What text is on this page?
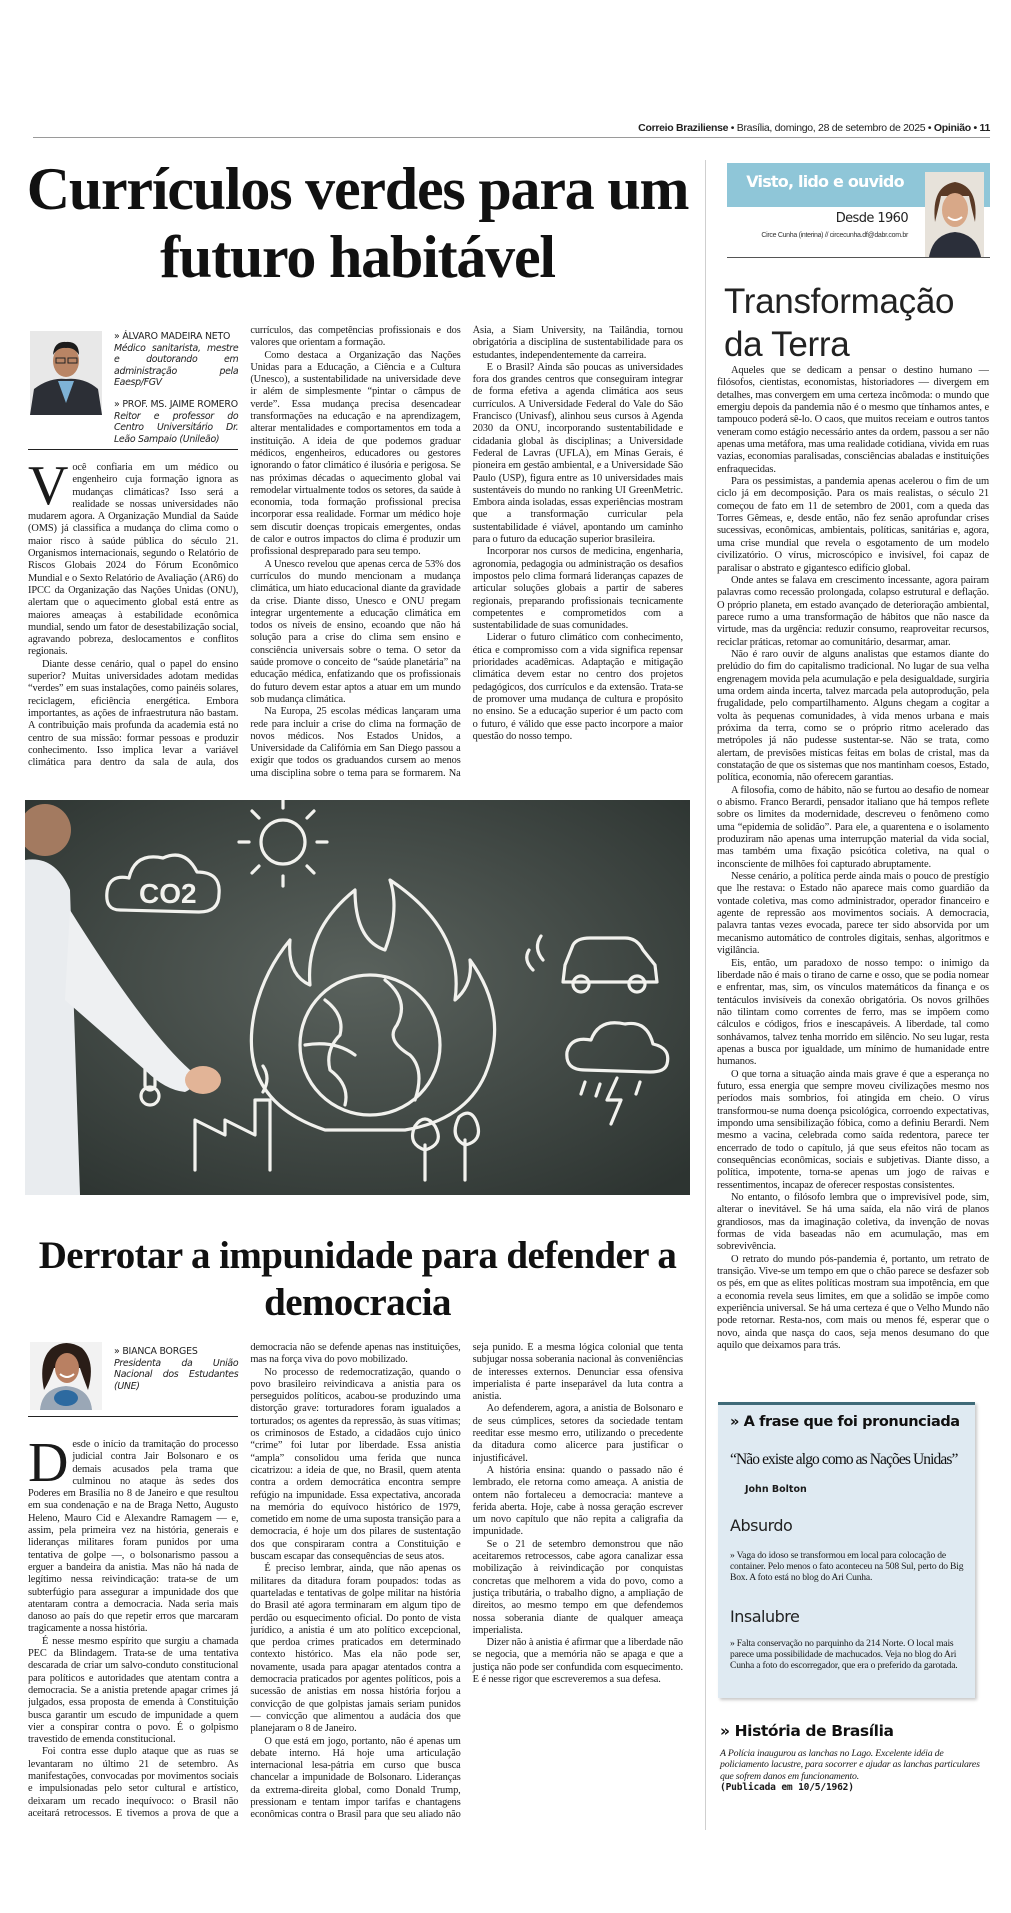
Correio Braziliense • Brasília, domingo, 28 de setembro de 2025 • Opinião • 11
Currículos verdes para um futuro habitável
» ÁLVARO MADEIRA NETO
Médico sanitarista, mestre e doutorando em administração pela Eaesp/FGV
» PROF. MS. JAIME ROMERO
Reitor e professor do Centro Universitário Dr. Leão Sampaio (Unileão)

Você confiaria em um médico ou engenheiro cuja formação ignora as mudanças climáticas? Isso será a realidade se nossas universidades não mudarem agora. A Organização Mundial da Saúde (OMS) já classifica a mudança do clima como o maior risco à saúde pública do século 21. Organismos internacionais, segundo o Relatório de Riscos Globais 2024 do Fórum Econômico Mundial e o Sexto Relatório de Avaliação (AR6) do IPCC da Organização das Nações Unidas (ONU), alertam que o aquecimento global está entre as maiores ameaças à estabilidade econômica mundial, sendo um fator de desestabilização social, agravando pobreza, deslocamentos e conflitos regionais.

Diante desse cenário, qual o papel do ensino superior? Muitas universidades adotam medidas “verdes” em suas instalações, como painéis solares, reciclagem, eficiência energética. Embora importantes, as ações de infraestrutura não bastam. A contribuição mais profunda da academia está no centro de sua missão: formar pessoas e produzir conhecimento. Isso implica levar a variável climática para dentro da sala de aula, dos currículos, das competências profissionais e dos valores que orientam a formação.

Como destaca a Organização das Nações Unidas para a Educação, a Ciência e a Cultura (Unesco), a sustentabilidade na universidade deve ir além de simplesmente “pintar o câmpus de verde”. Essa mudança precisa desencadear transformações na educação e na aprendizagem, alterar mentalidades e comportamentos em toda a instituição. A ideia de que podemos graduar médicos, engenheiros, educadores ou gestores ignorando o fator climático é ilusória e perigosa. Se nas próximas décadas o aquecimento global vai remodelar virtualmente todos os setores, da saúde à economia, toda formação profissional precisa incorporar essa realidade. Formar um médico hoje sem discutir doenças tropicais emergentes, ondas de calor e outros impactos do clima é produzir um profissional despreparado para seu tempo.

A Unesco revelou que apenas cerca de 53% dos currículos do mundo mencionam a mudança climática, um hiato educacional diante da gravidade da crise. Diante disso, Unesco e ONU pregam integrar urgentemente a educação climática em todos os níveis de ensino, ecoando que não há solução para a crise do clima sem ensino e consciência universais sobre o tema. O setor da saúde promove o conceito de “saúde planetária” na educação médica, enfatizando que os profissionais do futuro devem estar aptos a atuar em um mundo sob mudança climática.

Na Europa, 25 escolas médicas lançaram uma rede para incluir a crise do clima na formação de novos médicos. Nos Estados Unidos, a Universidade da Califórnia em San Diego passou a exigir que todos os graduandos cursem ao menos uma disciplina sobre o tema para se formarem. Na Ásia, a Siam University, na Tailândia, tornou obrigatória a disciplina de sustentabilidade para os estudantes, independentemente da carreira.

E o Brasil? Ainda são poucas as universidades fora dos grandes centros que conseguiram integrar de forma efetiva a agenda climática aos seus currículos. A Universidade Federal do Vale do São Francisco (Univasf), alinhou seus cursos à Agenda 2030 da ONU, incorporando sustentabilidade e cidadania global às disciplinas; a Universidade Federal de Lavras (UFLA), em Minas Gerais, é pioneira em gestão ambiental, e a Universidade São Paulo (USP), figura entre as 10 universidades mais sustentáveis do mundo no ranking UI GreenMetric. Embora ainda isoladas, essas experiências mostram que a transformação curricular pela sustentabilidade é viável, apontando um caminho para o futuro da educação superior brasileira.

Incorporar nos cursos de medicina, engenharia, agronomia, pedagogia ou administração os desafios impostos pelo clima formará lideranças capazes de articular soluções globais a partir de saberes regionais, preparando profissionais tecnicamente competentes e comprometidos com a sustentabilidade de suas comunidades.

Liderar o futuro climático com conhecimento, ética e compromisso com a vida significa repensar prioridades acadêmicas. Adaptação e mitigação climática devem estar no centro dos projetos pedagógicos, dos currículos e da extensão. Trata-se de promover uma mudança de cultura e propósito no ensino. Se a educação superior é um pacto com o futuro, é válido que esse pacto incorpore a maior questão do nosso tempo.

CO2
Derrotar a impunidade para defender a democracia
» BIANCA BORGES
Presidenta da União Nacional dos Estudantes (UNE)

Desde o início da tramitação do processo judicial contra Jair Bolsonaro e os demais acusados pela trama que culminou no ataque às sedes dos Poderes em Brasília no 8 de Janeiro e que resultou em sua condenação e na de Braga Netto, Augusto Heleno, Mauro Cid e Alexandre Ramagem — e, assim, pela primeira vez na história, generais e lideranças militares foram punidos por uma tentativa de golpe —, o bolsonarismo passou a erguer a bandeira da anistia. Mas não há nada de legítimo nessa reivindicação: trata-se de um subterfúgio para assegurar a impunidade dos que atentaram contra a democracia. Nada seria mais danoso ao país do que repetir erros que marcaram tragicamente a nossa história.

É nesse mesmo espírito que surgiu a chamada PEC da Blindagem. Trata-se de uma tentativa descarada de criar um salvo-conduto constitucional para políticos e autoridades que atentam contra a democracia. Se a anistia pretende apagar crimes já julgados, essa proposta de emenda à Constituição busca garantir um escudo de impunidade a quem vier a conspirar contra o povo. É o golpismo travestido de emenda constitucional.

Foi contra esse duplo ataque que as ruas se levantaram no último 21 de setembro. As manifestações, convocadas por movimentos sociais e impulsionadas pelo setor cultural e artístico, deixaram um recado inequívoco: o Brasil não aceitará retrocessos. E tivemos a prova de que a democracia não se defende apenas nas instituições, mas na força viva do povo mobilizado.

No processo de redemocratização, quando o povo brasileiro reivindicava a anistia para os perseguidos políticos, acabou-se produzindo uma distorção grave: torturadores foram igualados a torturados; os agentes da repressão, às suas vítimas; os criminosos de Estado, a cidadãos cujo único “crime” foi lutar por liberdade. Essa anistia “ampla” consolidou uma ferida que nunca cicatrizou: a ideia de que, no Brasil, quem atenta contra a ordem democrática encontra sempre refúgio na impunidade. Essa expectativa, ancorada na memória do equívoco histórico de 1979, cometido em nome de uma suposta transição para a democracia, é hoje um dos pilares de sustentação dos que conspiraram contra a Constituição e buscam escapar das consequências de seus atos.

É preciso lembrar, ainda, que não apenas os militares da ditadura foram poupados: todas as quarteladas e tentativas de golpe militar na história do Brasil até agora terminaram em algum tipo de perdão ou esquecimento oficial. Do ponto de vista jurídico, a anistia é um ato político excepcional, que perdoa crimes praticados em determinado contexto histórico. Mas ela não pode ser, novamente, usada para apagar atentados contra a democracia praticados por agentes políticos, pois a sucessão de anistias em nossa história forjou a convicção de que golpistas jamais seriam punidos — convicção que alimentou a audácia dos que planejaram o 8 de Janeiro.

O que está em jogo, portanto, não é apenas um debate interno. Há hoje uma articulação internacional lesa-pátria em curso que busca chancelar a impunidade de Bolsonaro. Lideranças da extrema-direita global, como Donald Trump, pressionam e tentam impor tarifas e chantagens econômicas contra o Brasil para que seu aliado não seja punido. É a mesma lógica colonial que tenta subjugar nossa soberania nacional às conveniências de interesses externos. Denunciar essa ofensiva imperialista é parte inseparável da luta contra a anistia.

Ao defenderem, agora, a anistia de Bolsonaro e de seus cúmplices, setores da sociedade tentam reeditar esse mesmo erro, utilizando o precedente da ditadura como alicerce para justificar o injustificável.

A história ensina: quando o passado não é lembrado, ele retorna como ameaça. A anistia de ontem não fortaleceu a democracia: manteve a ferida aberta. Hoje, cabe à nossa geração escrever um novo capítulo que não repita a caligrafia da impunidade.

Se o 21 de setembro demonstrou que não aceitaremos retrocessos, cabe agora canalizar essa mobilização à reivindicação por conquistas concretas que melhorem a vida do povo, como a justiça tributária, o trabalho digno, a ampliação de direitos, ao mesmo tempo em que defendemos nossa soberania diante de qualquer ameaça imperialista.

Dizer não à anistia é afirmar que a liberdade não se negocia, que a memória não se apaga e que a justiça não pode ser confundida com esquecimento. E é nesse rigor que escreveremos a sua defesa.

Visto, lido e ouvido
Desde 1960
Circe Cunha (interina) // circecunha.df@dabr.com.br
Transformação da Terra

Aqueles que se dedicam a pensar o destino humano — filósofos, cientistas, economistas, historiadores — divergem em detalhes, mas convergem em uma certeza incômoda: o mundo que emergiu depois da pandemia não é o mesmo que tínhamos antes, e tampouco poderá sê-lo. O caos, que muitos receiam e outros tantos veneram como estágio necessário antes da ordem, passou a ser não apenas uma metáfora, mas uma realidade cotidiana, vivida em ruas vazias, economias paralisadas, consciências abaladas e instituições enfraquecidas.

Para os pessimistas, a pandemia apenas acelerou o fim de um ciclo já em decomposição. Para os mais realistas, o século 21 começou de fato em 11 de setembro de 2001, com a queda das Torres Gêmeas, e, desde então, não fez senão aprofundar crises sucessivas, econômicas, ambientais, políticas, sanitárias e, agora, uma crise mundial que revela o esgotamento de um modelo civilizatório. O vírus, microscópico e invisível, foi capaz de paralisar o abstrato e gigantesco edifício global.

Onde antes se falava em crescimento incessante, agora pairam palavras como recessão prolongada, colapso estrutural e deflação. O próprio planeta, em estado avançado de deterioração ambiental, parece rumo a uma transformação de hábitos que não nasce da virtude, mas da urgência: reduzir consumo, reaproveitar recursos, reciclar práticas, retomar ao comunitário, desarmar, amar.

Não é raro ouvir de alguns analistas que estamos diante do prelúdio do fim do capitalismo tradicional. No lugar de sua velha engrenagem movida pela acumulação e pela desigualdade, surgiria uma ordem ainda incerta, talvez marcada pela autoprodução, pela frugalidade, pelo compartilhamento. Alguns chegam a cogitar a volta às pequenas comunidades, à vida menos urbana e mais próxima da terra, como se o próprio ritmo acelerado das metrópoles já não pudesse sustentar-se. Não se trata, como alertam, de previsões místicas feitas em bolas de cristal, mas da constatação de que os sistemas que nos mantinham coesos, Estado, política, economia, não oferecem garantias.

A filosofia, como de hábito, não se furtou ao desafio de nomear o abismo. Franco Berardi, pensador italiano que há tempos reflete sobre os limites da modernidade, descreveu o fenômeno como uma “epidemia de solidão”. Para ele, a quarentena e o isolamento produziram não apenas uma interrupção material da vida social, mas também uma fixação psicótica coletiva, na qual o inconsciente de milhões foi capturado abruptamente.

Nesse cenário, a política perde ainda mais o pouco de prestígio que lhe restava: o Estado não aparece mais como guardião da vontade coletiva, mas como administrador, operador financeiro e agente de repressão aos movimentos sociais. A democracia, palavra tantas vezes evocada, parece ter sido absorvida por um mecanismo automático de controles digitais, senhas, algoritmos e vigilância.

Eis, então, um paradoxo de nosso tempo: o inimigo da liberdade não é mais o tirano de carne e osso, que se podia nomear e enfrentar, mas, sim, os vínculos matemáticos da finança e os tentáculos invisíveis da conexão obrigatória. Os novos grilhões não tilintam como correntes de ferro, mas se impõem como cálculos e códigos, frios e inescapáveis. A liberdade, tal como sonhávamos, talvez tenha morrido em silêncio. No seu lugar, resta apenas a busca por igualdade, um mínimo de humanidade entre humanos.

O que torna a situação ainda mais grave é que a esperança no futuro, essa energia que sempre moveu civilizações mesmo nos períodos mais sombrios, foi atingida em cheio. O vírus transformou-se numa doença psicológica, corroendo expectativas, impondo uma sensibilização fóbica, como a definiu Berardi. Nem mesmo a vacina, celebrada como saída redentora, parece ter encerrado de todo o capítulo, já que seus efeitos não tocam as consequências econômicas, sociais e subjetivas. Diante disso, a política, impotente, torna-se apenas um jogo de raivas e ressentimentos, incapaz de oferecer respostas consistentes.

No entanto, o filósofo lembra que o imprevisível pode, sim, alterar o inevitável. Se há uma saída, ela não virá de planos grandiosos, mas da imaginação coletiva, da invenção de novas formas de vida baseadas não em acumulação, mas em sobrevivência.

O retrato do mundo pós-pandemia é, portanto, um retrato de transição. Vive-se um tempo em que o chão parece se desfazer sob os pés, em que as elites políticas mostram sua impotência, em que a economia revela seus limites, em que a solidão se impõe como experiência universal. Se há uma certeza é que o Velho Mundo não pode retornar. Resta-nos, com mais ou menos fé, esperar que o novo, ainda que nasça do caos, seja menos desumano do que aquilo que deixamos para trás.

» A frase que foi pronunciada
“Não existe algo como as Nações Unidas”
John Bolton
Absurdo
» Vaga do idoso se transformou em local para colocação de container. Pelo menos o fato aconteceu na 508 Sul, perto do Big Box. A foto está no blog do Ari Cunha.
Insalubre
» Falta conservação no parquinho da 214 Norte. O local mais parece uma possibilidade de machucados. Veja no blog do Ari Cunha a foto do escorregador, que era o preferido da garotada.
» História de Brasília
A Polícia inaugurou as lanchas no Lago. Excelente idéia de policiamento lacustre, para socorrer e ajudar as lanchas particulares que sofrem danos em funcionamento.
(Publicada em 10/5/1962)
